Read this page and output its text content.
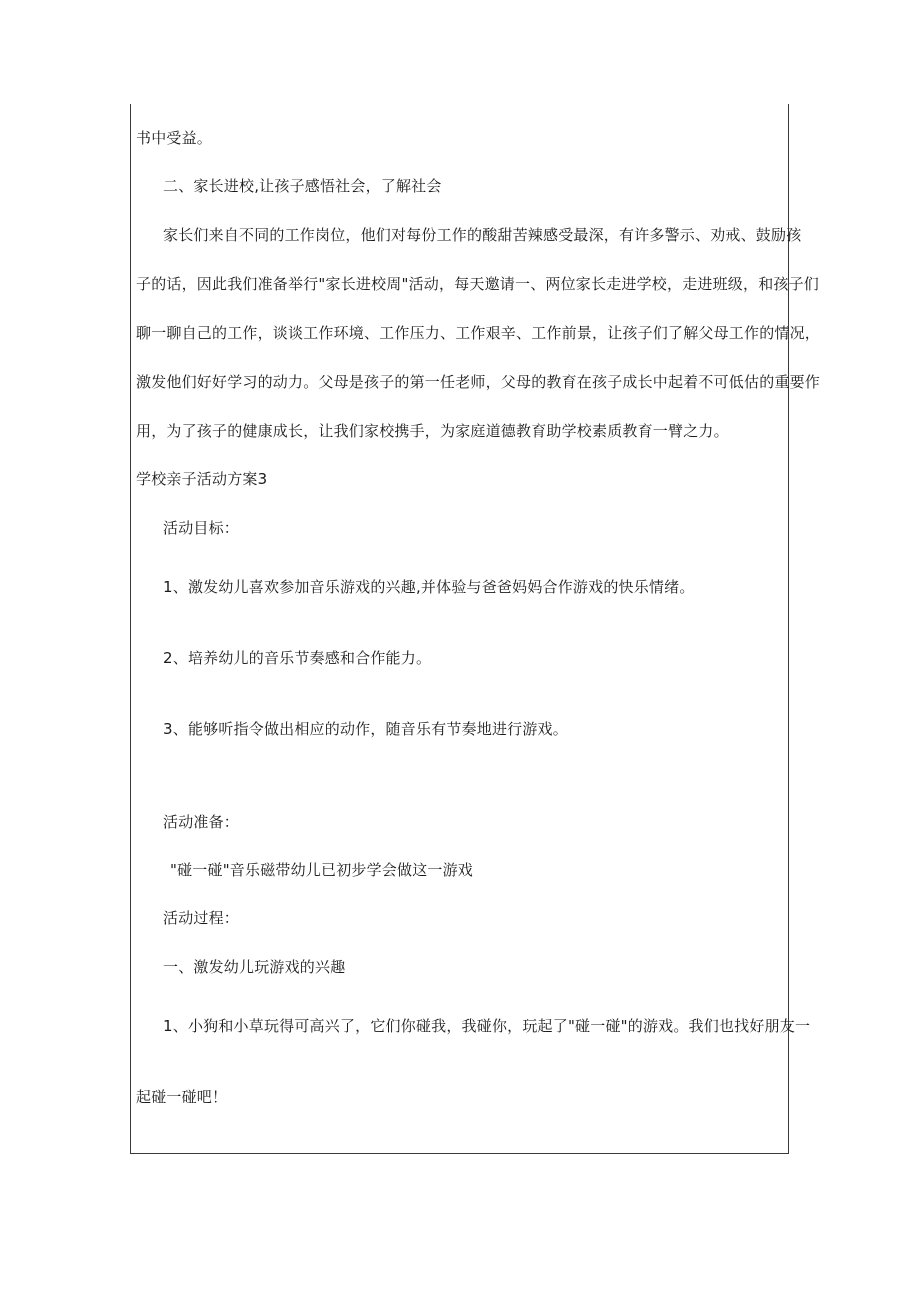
书中受益。
二、家长进校,让孩子感悟社会，了解社会
家长们来自不同的工作岗位，他们对每份工作的酸甜苦辣感受最深，有许多警示、劝戒、鼓励孩
子的话，因此我们准备举行"家长进校周"活动，每天邀请一、两位家长走进学校，走进班级，和孩子们
聊一聊自己的工作，谈谈工作环境、工作压力、工作艰辛、工作前景，让孩子们了解父母工作的情况，
激发他们好好学习的动力。父母是孩子的第一任老师，父母的教育在孩子成长中起着不可低估的重要作
用，为了孩子的健康成长，让我们家校携手，为家庭道德教育助学校素质教育一臂之力。
学校亲子活动方案3
活动目标：
1、激发幼儿喜欢参加音乐游戏的兴趣,并体验与爸爸妈妈合作游戏的快乐情绪。
2、培养幼儿的音乐节奏感和合作能力。
3、能够听指令做出相应的动作，随音乐有节奏地进行游戏。
活动准备：
"碰一碰"音乐磁带幼儿已初步学会做这一游戏
活动过程：
一、激发幼儿玩游戏的兴趣
1、小狗和小草玩得可高兴了，它们你碰我，我碰你，玩起了"碰一碰"的游戏。我们也找好朋友一
起碰一碰吧！
